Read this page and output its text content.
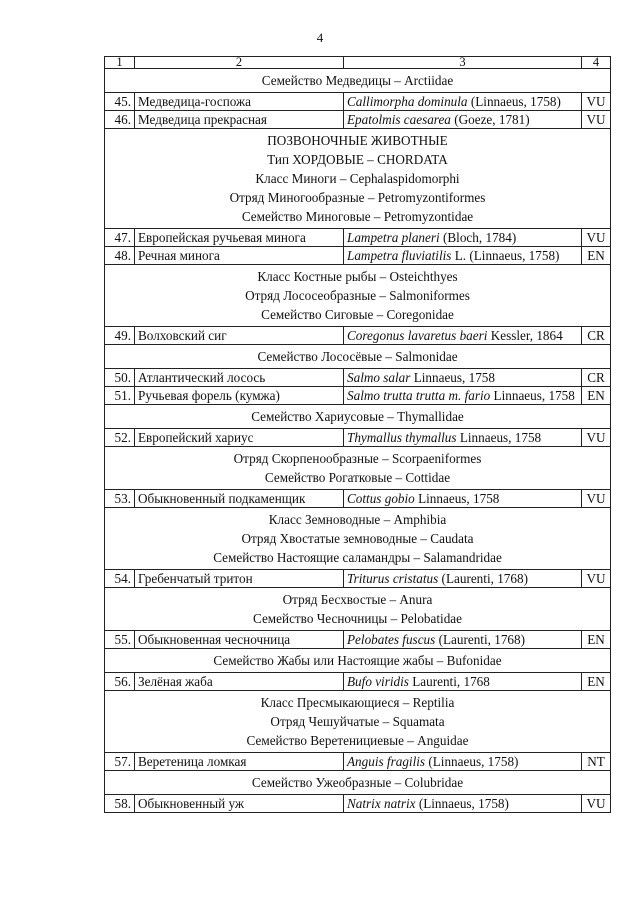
4
1	2	3	4

Семейство Медведицы – Arctiidae			

45.	Медведица-госпожа	Callimorpha dominula (Linnaeus, 1758)	VU
46.	Медведица прекрасная	Epatolmis caesarea (Goeze, 1781)	VU

ПОЗВОНОЧНЫЕ ЖИВОТНЫЕ
Тип ХОРДОВЫЕ – CHORDATA
Класс Миноги – Cephalaspidomorphi
Отряд Миногообразные – Petromyzontiformes
Семейство Миноговые – Petromyzontidae			

47.	Европейская ручьевая минога	Lampetra planeri (Bloch, 1784)	VU
48.	Речная минога	Lampetra fluviatilis L. (Linnaeus, 1758)	EN

Класс Костные рыбы – Osteichthyes
Отряд Лососеобразные – Salmoniformes
Семейство Сиговые – Coregonidae			

49.	Волховский сиг	Coregonus lavaretus baeri Kessler, 1864	CR

Семейство Лососёвые – Salmonidae			

50.	Атлантический лосось	Salmo salar Linnaeus, 1758	CR
51.	Ручьевая форель (кумжа)	Salmo trutta trutta m. fario Linnaeus, 1758	EN

Семейство Хариусовые – Thymallidae			

52.	Европейский хариус	Thymallus thymallus Linnaeus, 1758	VU

Отряд Скорпенообразные – Scorpaeniformes
Семейство Рогатковые – Cottidae			

53.	Обыкновенный подкаменщик	Cottus gobio Linnaeus, 1758	VU

Класс Земноводные – Amphibia
Отряд Хвостатые земноводные – Caudata
Семейство Настоящие саламандры – Salamandridae			

54.	Гребенчатый тритон	Triturus cristatus (Laurenti, 1768)	VU

Отряд Бесхвостые – Anura
Семейство Чесночницы – Pelobatidae			

55.	Обыкновенная чесночница	Pelobates fuscus (Laurenti, 1768)	EN

Семейство Жабы или Настоящие жабы – Bufonidae			

56.	Зелёная жаба	Bufo viridis Laurenti, 1768	EN

Класс Пресмыкающиеся – Reptilia
Отряд Чешуйчатые – Squamata
Семейство Веретенициевые – Anguidae			

57.	Веретеница ломкая	Anguis fragilis (Linnaeus, 1758)	NT

Семейство Ужеобразные – Colubridae			

58.	Обыкновенный уж	Natrix natrix (Linnaeus, 1758)	VU
